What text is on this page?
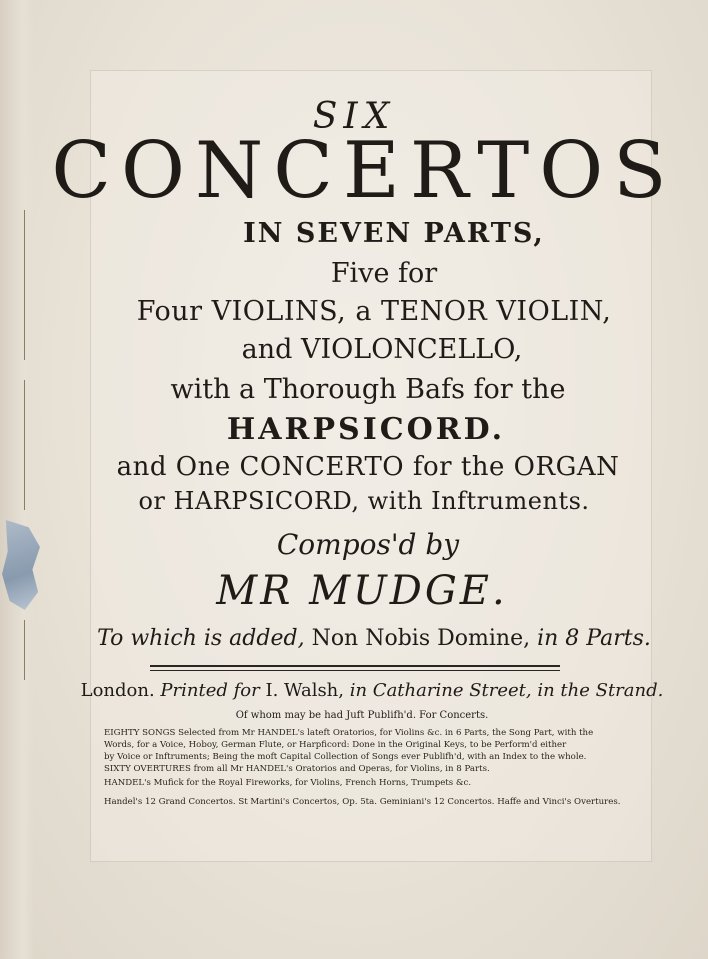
SIX
CONCERTOS
IN SEVEN PARTS,
Five for
Four VIOLINS, a TENOR VIOLIN,
and VIOLONCELLO,
with a Thorough Bafs for the
HARPSICORD.
and One CONCERTO for the ORGAN
or HARPSICORD, with Inftruments.
Compos'd by
MR MUDGE.
To which is added, Non Nobis Domine, in 8 Parts.
London. Printed for I. Walsh, in Catharine Street, in the Strand.
Of whom may be had Juft Publifh'd. For Concerts.
EIGHTY SONGS Selected from Mr HANDEL's lateft Oratorios, for Violins &c. in 6 Parts, the Song Part, with the
Words, for a Voice, Hoboy, German Flute, or Harpficord: Done in the Original Keys, to be Perform'd either
by Voice or Inftruments; Being the moft Capital Collection of Songs ever Publifh'd, with an Index to the whole.
SIXTY OVERTURES from all Mr HANDEL's Oratorios and Operas, for Violins, in 8 Parts.
HANDEL's Mufick for the Royal Fireworks, for Violins, French Horns, Trumpets &c.
Handel's 12 Grand Concertos. St Martini's Concertos, Op. 5ta. Geminiani's 12 Concertos. Haffe and Vinci's Overtures.
